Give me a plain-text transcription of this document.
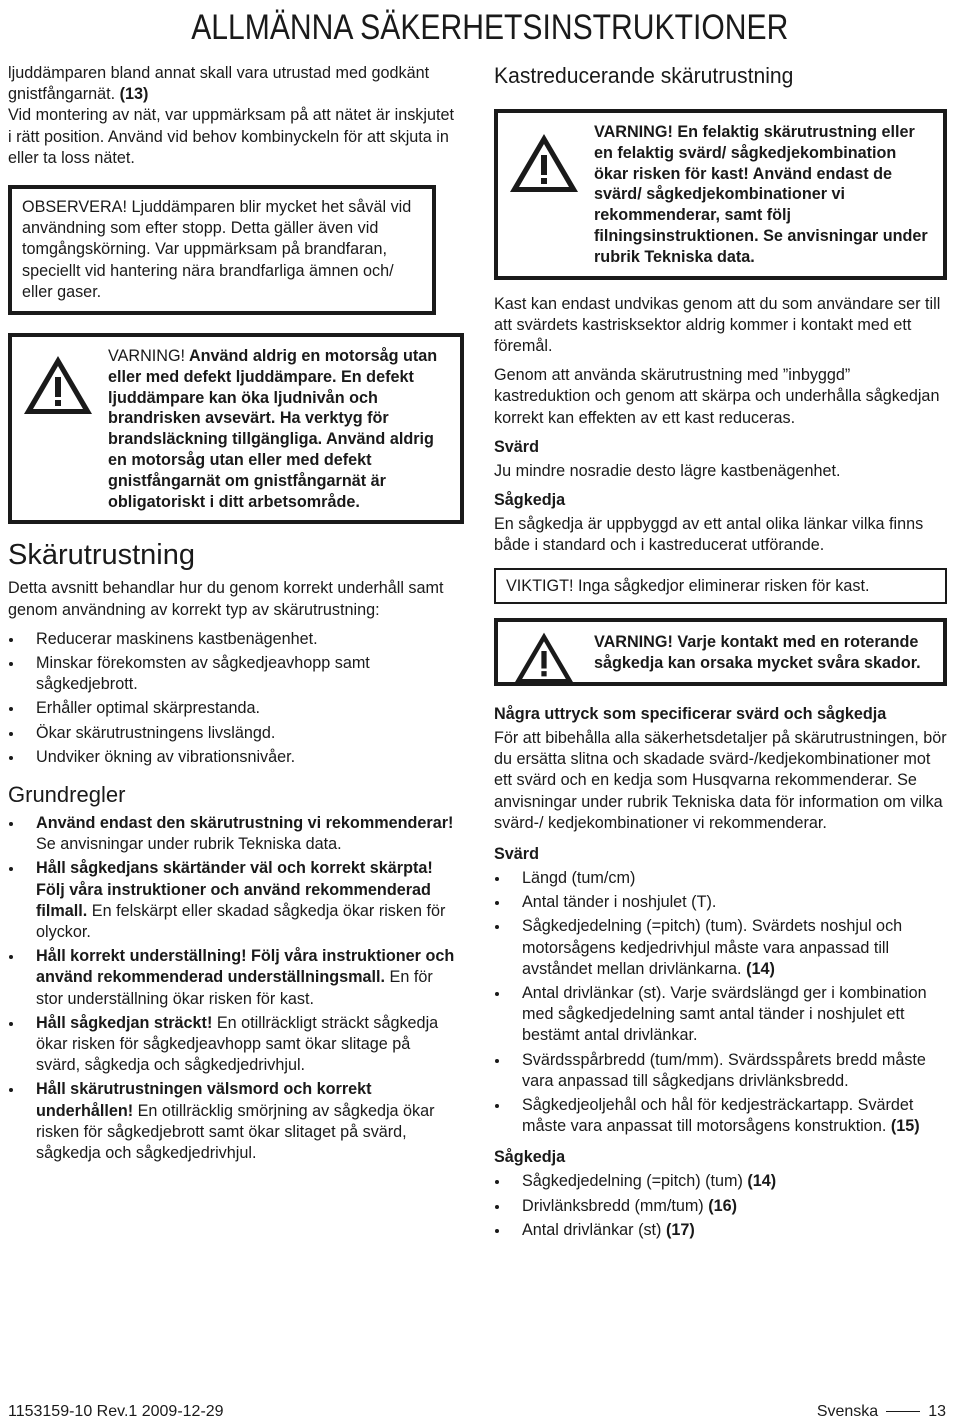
ALLMÄNNA SÄKERHETSINSTRUKTIONER

ljuddämparen bland annat skall vara utrustad med godkänt gnistfångarnät. (13)

Vid montering av nät, var uppmärksam på att nätet är inskjutet i rätt position. Använd vid behov kombinyckeln för att skjuta in eller ta loss nätet.

OBSERVERA! Ljuddämparen blir mycket het såväl vid användning som efter stopp. Detta gäller även vid tomgångskörning. Var uppmärksam på brandfaran, speciellt vid hantering nära brandfarliga ämnen och/ eller gaser.

VARNING! Använd aldrig en motorsåg utan eller med defekt ljuddämpare. En defekt ljuddämpare kan öka ljudnivån och brandrisken avsevärt. Ha verktyg för brandsläckning tillgängliga. Använd aldrig en motorsåg utan eller med defekt gnistfångarnät om gnistfångarnät är obligatoriskt i ditt arbetsområde.

Skärutrustning

Detta avsnitt behandlar hur du genom korrekt underhåll samt genom användning av korrekt typ av skärutrustning:

Reducerar maskinens kastbenägenhet.
Minskar förekomsten av sågkedjeavhopp samt sågkedjebrott.
Erhåller optimal skärprestanda.
Ökar skärutrustningens livslängd.
Undviker ökning av vibrationsnivåer.
Grundregler
Använd endast den skärutrustning vi rekommenderar! Se anvisningar under rubrik Tekniska data.
Håll sågkedjans skärtänder väl och korrekt skärpta! Följ våra instruktioner och använd rekommenderad filmall. En felskärpt eller skadad sågkedja ökar risken för olyckor.
Håll korrekt underställning! Följ våra instruktioner och använd rekommenderad underställningsmall. En för stor underställning ökar risken för kast.
Håll sågkedjan sträckt! En otillräckligt sträckt sågkedja ökar risken för sågkedjeavhopp samt ökar slitage på svärd, sågkedja och sågkedjedrivhjul.
Håll skärutrustningen välsmord och korrekt underhållen! En otillräcklig smörjning av sågkedja ökar risken för sågkedjebrott samt ökar slitaget på svärd, sågkedja och sågkedjedrivhjul.
Kastreducerande skärutrustning

VARNING! En felaktig skärutrustning eller en felaktig svärd/ sågkedjekombination ökar risken för kast! Använd endast de svärd/ sågkedjekombinationer vi rekommenderar, samt följ filningsinstruktionen. Se anvisningar under rubrik Tekniska data.

Kast kan endast undvikas genom att du som användare ser till att svärdets kastrisksektor aldrig kommer i kontakt med ett föremål.

Genom att använda skärutrustning med ”inbyggd” kastreduktion och genom att skärpa och underhålla sågkedjan korrekt kan effekten av ett kast reduceras.

Svärd

Ju mindre nosradie desto lägre kastbenägenhet.

Sågkedja

En sågkedja är uppbyggd av ett antal olika länkar vilka finns både i standard och i kastreducerat utförande.

VIKTIGT! Inga sågkedjor eliminerar risken för kast.

VARNING! Varje kontakt med en roterande sågkedja kan orsaka mycket svåra skador.

Några uttryck som specificerar svärd och sågkedja

För att bibehålla alla säkerhetsdetaljer på skärutrustningen, bör du ersätta slitna och skadade svärd-/kedjekombinationer mot ett svärd och en kedja som Husqvarna rekommenderar. Se anvisningar under rubrik Tekniska data för information om vilka svärd-/ kedjekombinationer vi rekommenderar.

Svärd
Längd (tum/cm)
Antal tänder i noshjulet (T).
Sågkedjedelning (=pitch) (tum). Svärdets noshjul och motorsågens kedjedrivhjul måste vara anpassad till avståndet mellan drivlänkarna. (14)
Antal drivlänkar (st). Varje svärdslängd ger i kombination med sågkedjedelning samt antal tänder i noshjulet ett bestämt antal drivlänkar.
Svärdsspårbredd (tum/mm). Svärdsspårets bredd måste vara anpassad till sågkedjans drivlänksbredd.
Sågkedjeoljehål och hål för kedjesträckartapp. Svärdet måste vara anpassat till motorsågens konstruktion. (15)
Sågkedja
Sågkedjedelning (=pitch) (tum) (14)
Drivlänksbredd (mm/tum) (16)
Antal drivlänkar (st) (17)
1153159-10 Rev.1 2009-12-29	Svenska	13
